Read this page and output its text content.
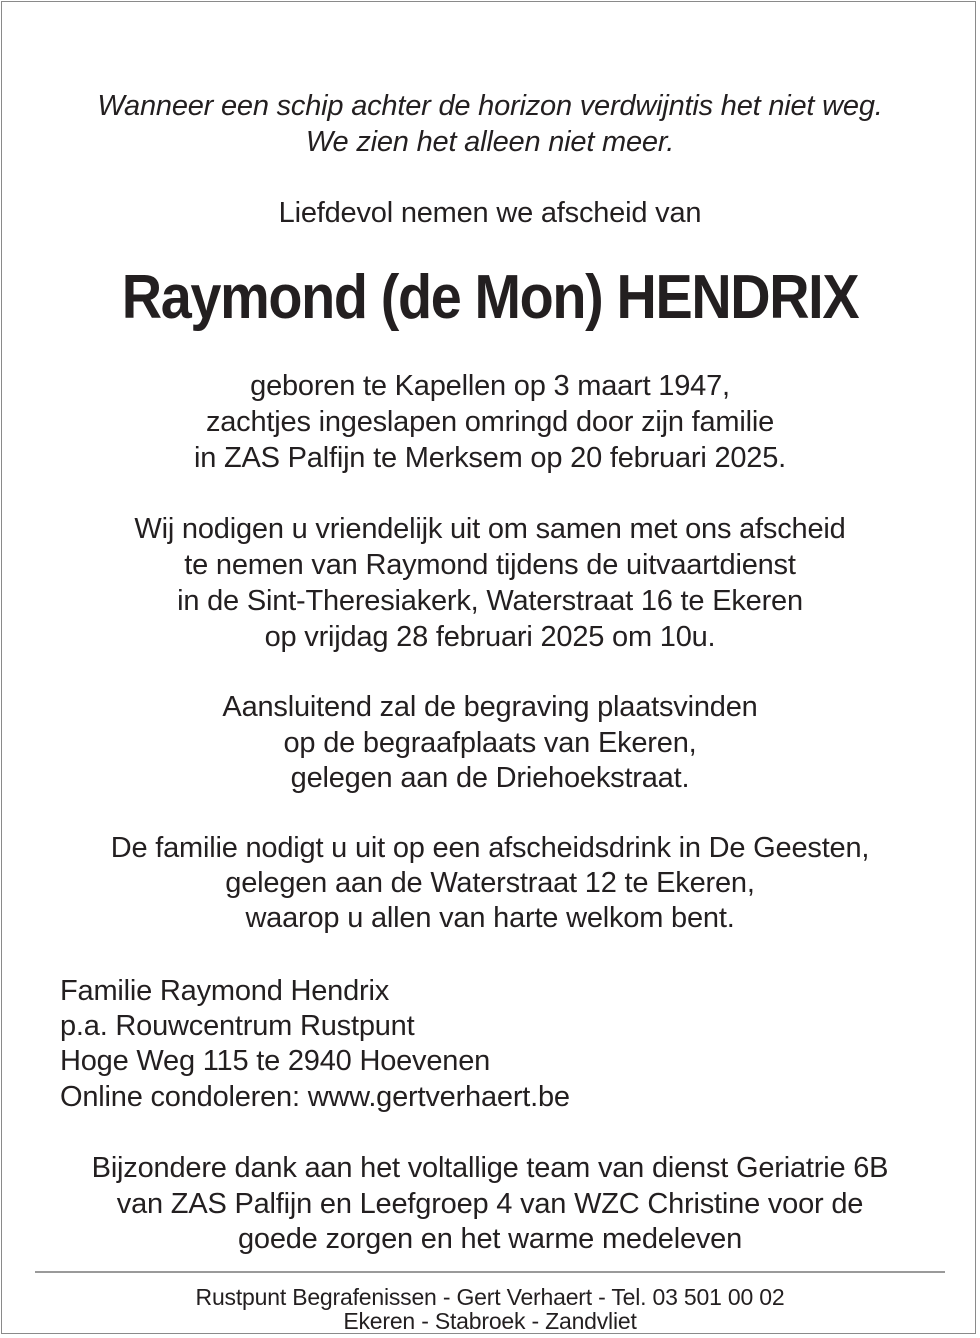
Wanneer een schip achter de horizon verdwijntis het niet weg.
We zien het alleen niet meer.
Liefdevol nemen we afscheid van
Raymond (de Mon) HENDRIX
geboren te Kapellen op 3 maart 1947,
zachtjes ingeslapen omringd door zijn familie
in ZAS Palfijn te Merksem op 20 februari 2025.
Wij nodigen u vriendelijk uit om samen met ons afscheid
te nemen van Raymond tijdens de uitvaartdienst
in de Sint-Theresiakerk, Waterstraat 16 te Ekeren
op vrijdag 28 februari 2025 om 10u.
Aansluitend zal de begraving plaatsvinden
op de begraafplaats van Ekeren,
gelegen aan de Driehoekstraat.
De familie nodigt u uit op een afscheidsdrink in De Geesten,
gelegen aan de Waterstraat 12 te Ekeren,
waarop u allen van harte welkom bent.
Familie Raymond Hendrix
p.a. Rouwcentrum Rustpunt
Hoge Weg 115 te 2940 Hoevenen
Online condoleren: www.gertverhaert.be
Bijzondere dank aan het voltallige team van dienst Geriatrie 6B
van ZAS Palfijn en Leefgroep 4 van WZC Christine voor de
goede zorgen en het warme medeleven
Rustpunt Begrafenissen - Gert Verhaert - Tel. 03 501 00 02
Ekeren - Stabroek - Zandvliet
